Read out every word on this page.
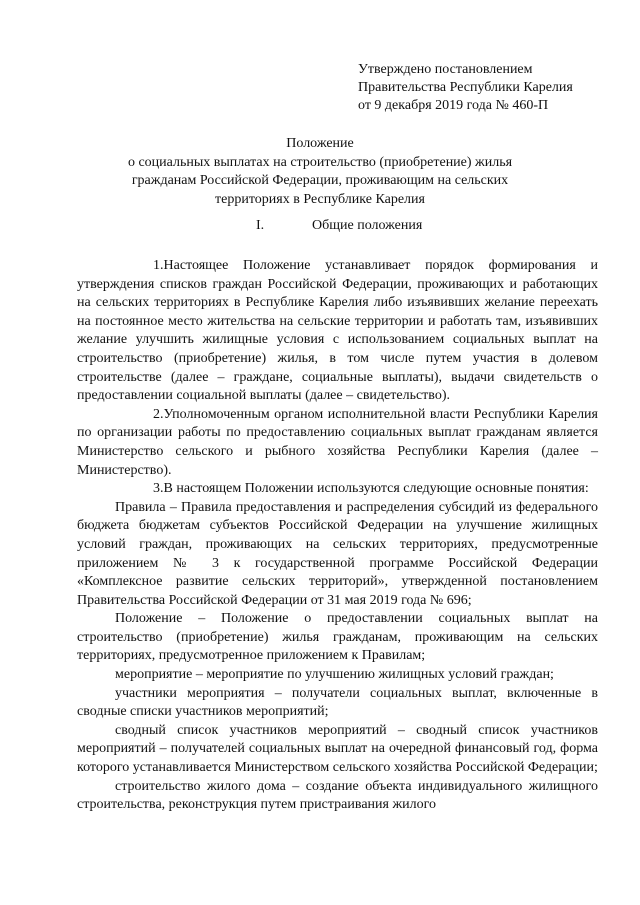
Утверждено постановлением
Правительства Республики Карелия
от 9 декабря 2019 года № 460-П
Положение
о социальных выплатах на строительство (приобретение) жилья
гражданам Российской Федерации, проживающим на сельских
территориях в Республике Карелия
I.	Общие положения

1.Настоящее Положение устанавливает порядок формирования и утверждения списков граждан Российской Федерации, проживающих и работающих на сельских территориях в Республике Карелия либо изъявивших желание переехать на постоянное место жительства на сельские территории и работать там, изъявивших желание улучшить жилищные условия с использованием социальных выплат на строительство (приобретение) жилья, в том числе путем участия в долевом строительстве (далее – граждане, социальные выплаты), выдачи свидетельств о предоставлении социальной выплаты (далее – свидетельство).

2.Уполномоченным органом исполнительной власти Республики Карелия по организации работы по предоставлению социальных выплат гражданам является Министерство сельского и рыбного хозяйства Республики Карелия (далее – Министерство).

3.В настоящем Положении используются следующие основные понятия:

Правила – Правила предоставления и распределения субсидий из федерального бюджета бюджетам субъектов Российской Федерации на улучшение жилищных условий граждан, проживающих на сельских территориях, предусмотренные приложением № 3 к государственной программе Российской Федерации «Комплексное развитие сельских территорий», утвержденной постановлением Правительства Российской Федерации от 31 мая 2019 года № 696;

Положение – Положение о предоставлении социальных выплат на строительство (приобретение) жилья гражданам, проживающим на сельских территориях, предусмотренное приложением к Правилам;

мероприятие – мероприятие по улучшению жилищных условий граждан;

участники мероприятия – получатели социальных выплат, включенные в сводные списки участников мероприятий;

сводный список участников мероприятий – сводный список участников мероприятий – получателей социальных выплат на очередной финансовый год, форма которого устанавливается Министерством сельского хозяйства Российской Федерации;

строительство жилого дома – создание объекта индивидуального жилищного строительства, реконструкция путем пристраивания жилого
